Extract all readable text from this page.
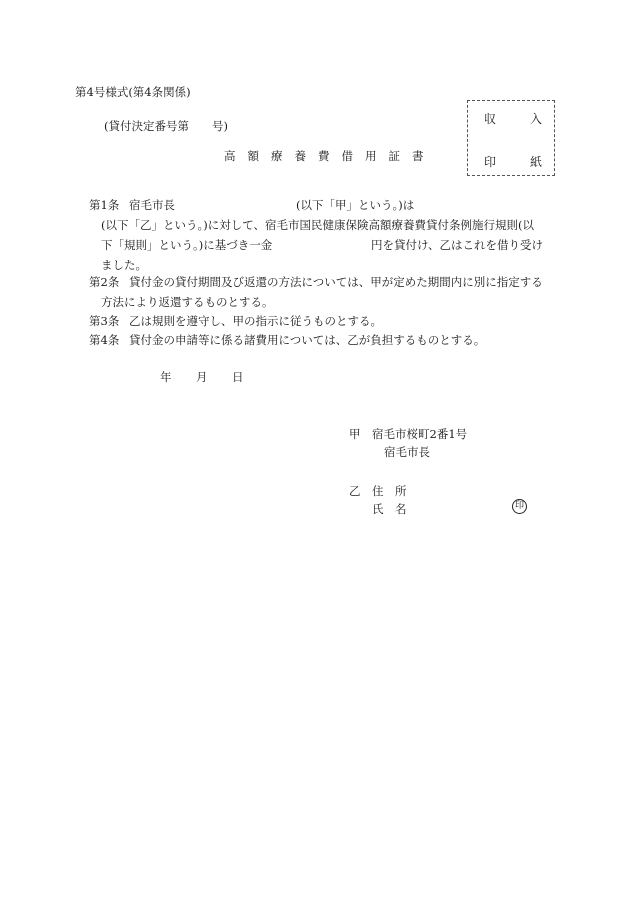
第4号様式(第4条関係)
(貸付決定番号第　　号)
高額療養費借用証書
収	入
印	紙
第1条 宿毛市長	(以下「甲」という。)は
(以下「乙」という。)に対して、宿毛市国民健康保険高額療養費貸付条例施行規則(以
下「規則」という。)に基づき一金	円を貸付け、乙はこれを借り受け
ました。
第2条 貸付金の貸付期間及び返還の方法については、甲が定めた期間内に別に指定する
方法により返還するものとする。
第3条 乙は規則を遵守し、甲の指示に従うものとする。
第4条 貸付金の申請等に係る諸費用については、乙が負担するものとする。
年 月 日
甲 宿毛市桜町2番1号
宿毛市長
乙 住　所
氏　名	印
